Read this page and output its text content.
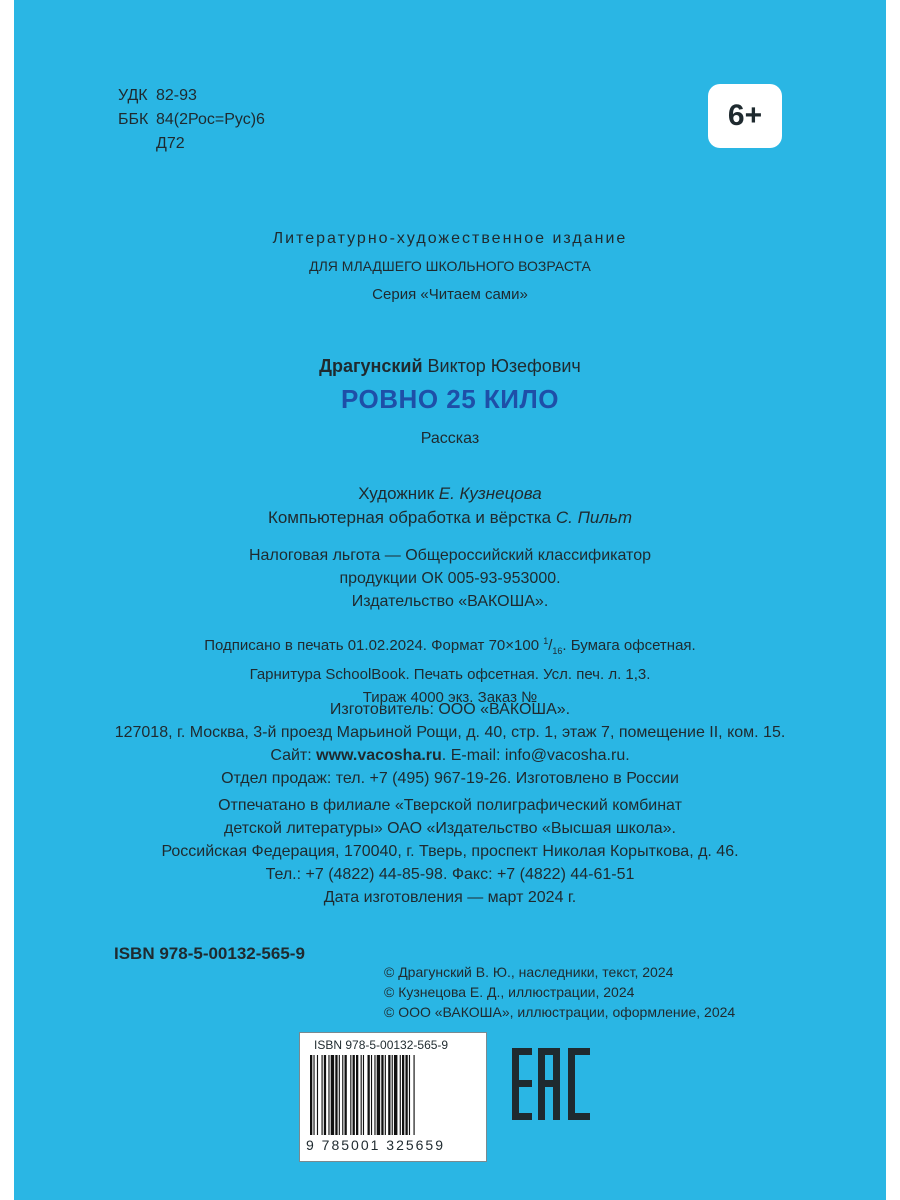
УДК 82-93
ББК 84(2Рос=Рус)6
Д72
6+
Литературно-художественное издание
ДЛЯ МЛАДШЕГО ШКОЛЬНОГО ВОЗРАСТА
Серия «Читаем сами»
Драгунский Виктор Юзефович
РОВНО 25 КИЛО
Рассказ
Художник Е. Кузнецова
Компьютерная обработка и вёрстка С. Пильт
Налоговая льгота — Общероссийский классификатор
продукции ОК 005-93-953000.
Издательство «ВАКОША».
Подписано в печать 01.02.2024. Формат 70×100 $^1/_{16}$. Бумага офсетная.
Гарнитура SchoolBook. Печать офсетная. Усл. печ. л. 1,3.
Тираж 4000 экз. Заказ №
Изготовитель: ООО «ВАКОША».
127018, г. Москва, 3-й проезд Марьиной Рощи, д. 40, стр. 1, этаж 7, помещение II, ком. 15.
Сайт: www.vacosha.ru. E-mail: info@vacosha.ru.
Отдел продаж: тел. +7 (495) 967-19-26. Изготовлено в России
Отпечатано в филиале «Тверской полиграфический комбинат
детской литературы» ОАО «Издательство «Высшая школа».
Российская Федерация, 170040, г. Тверь, проспект Николая Корыткова, д. 46.
Тел.: +7 (4822) 44-85-98. Факс: +7 (4822) 44-61-51
Дата изготовления — март 2024 г.
ISBN 978-5-00132-565-9
© Драгунский В. Ю., наследники, текст, 2024
© Кузнецова Е. Д., иллюстрации, 2024
© ООО «ВАКОША», иллюстрации, оформление, 2024
ISBN 978-5-00132-565-9
9 785001 325659
